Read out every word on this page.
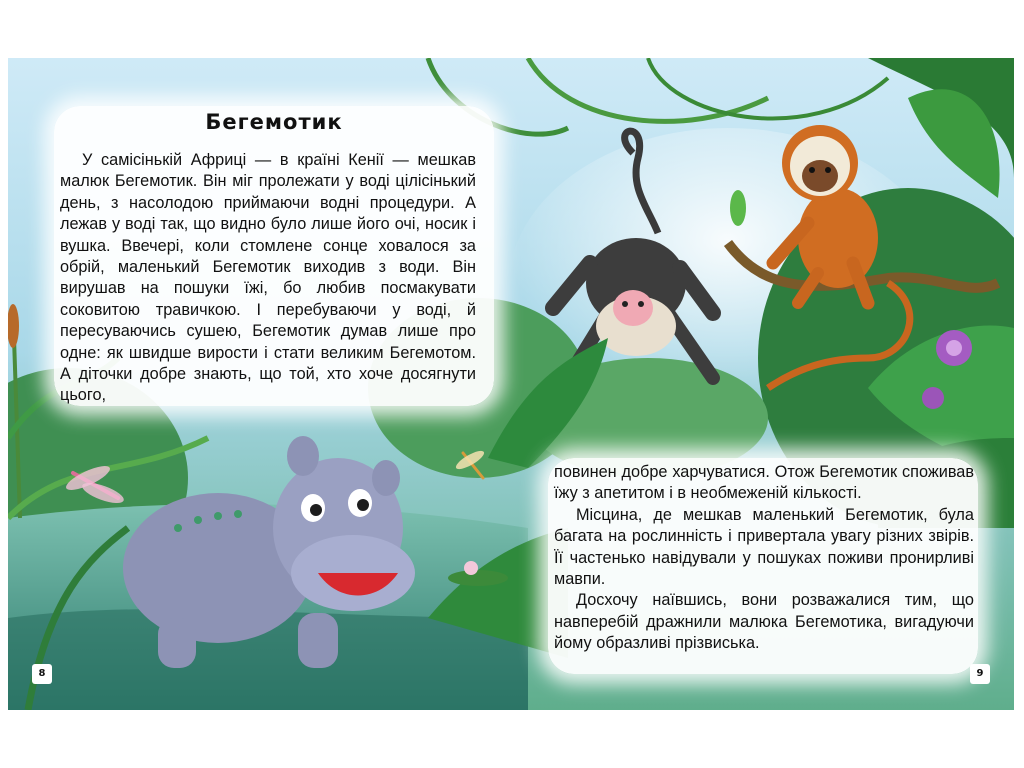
Бегемотик

У самісінькій Африці — в країні Кенії — мешкав малюк Бегемотик. Він міг пролежати у воді цілісінький день, з насолодою приймаючи водні процедури. А лежав у воді так, що видно було лише його очі, носик і вушка. Ввечері, коли стомлене сонце ховалося за обрій, маленький Бегемотик виходив з води. Він вирушав на пошуки їжі, бо любив посмакувати соковитою травичкою. І перебуваючи у воді, й пересуваючись сушею, Бегемотик думав лише про одне: як швидше вирости і стати великим Бегемотом. А діточки добре знають, що той, хто хоче досягнути цього,

повинен добре харчуватися. Отож Бегемотик споживав їжу з апетитом і в необмеженій кількості.

Місцина, де мешкав маленький Бегемотик, була багата на рослинність і привертала увагу різних звірів. Її частенько навідували у пошуках поживи пронирливі мавпи.

Досхочу наївшись, вони розважалися тим, що навперебій дражнили малюка Бегемотика, вигадуючи йому образливі прізвиська.

8	9
